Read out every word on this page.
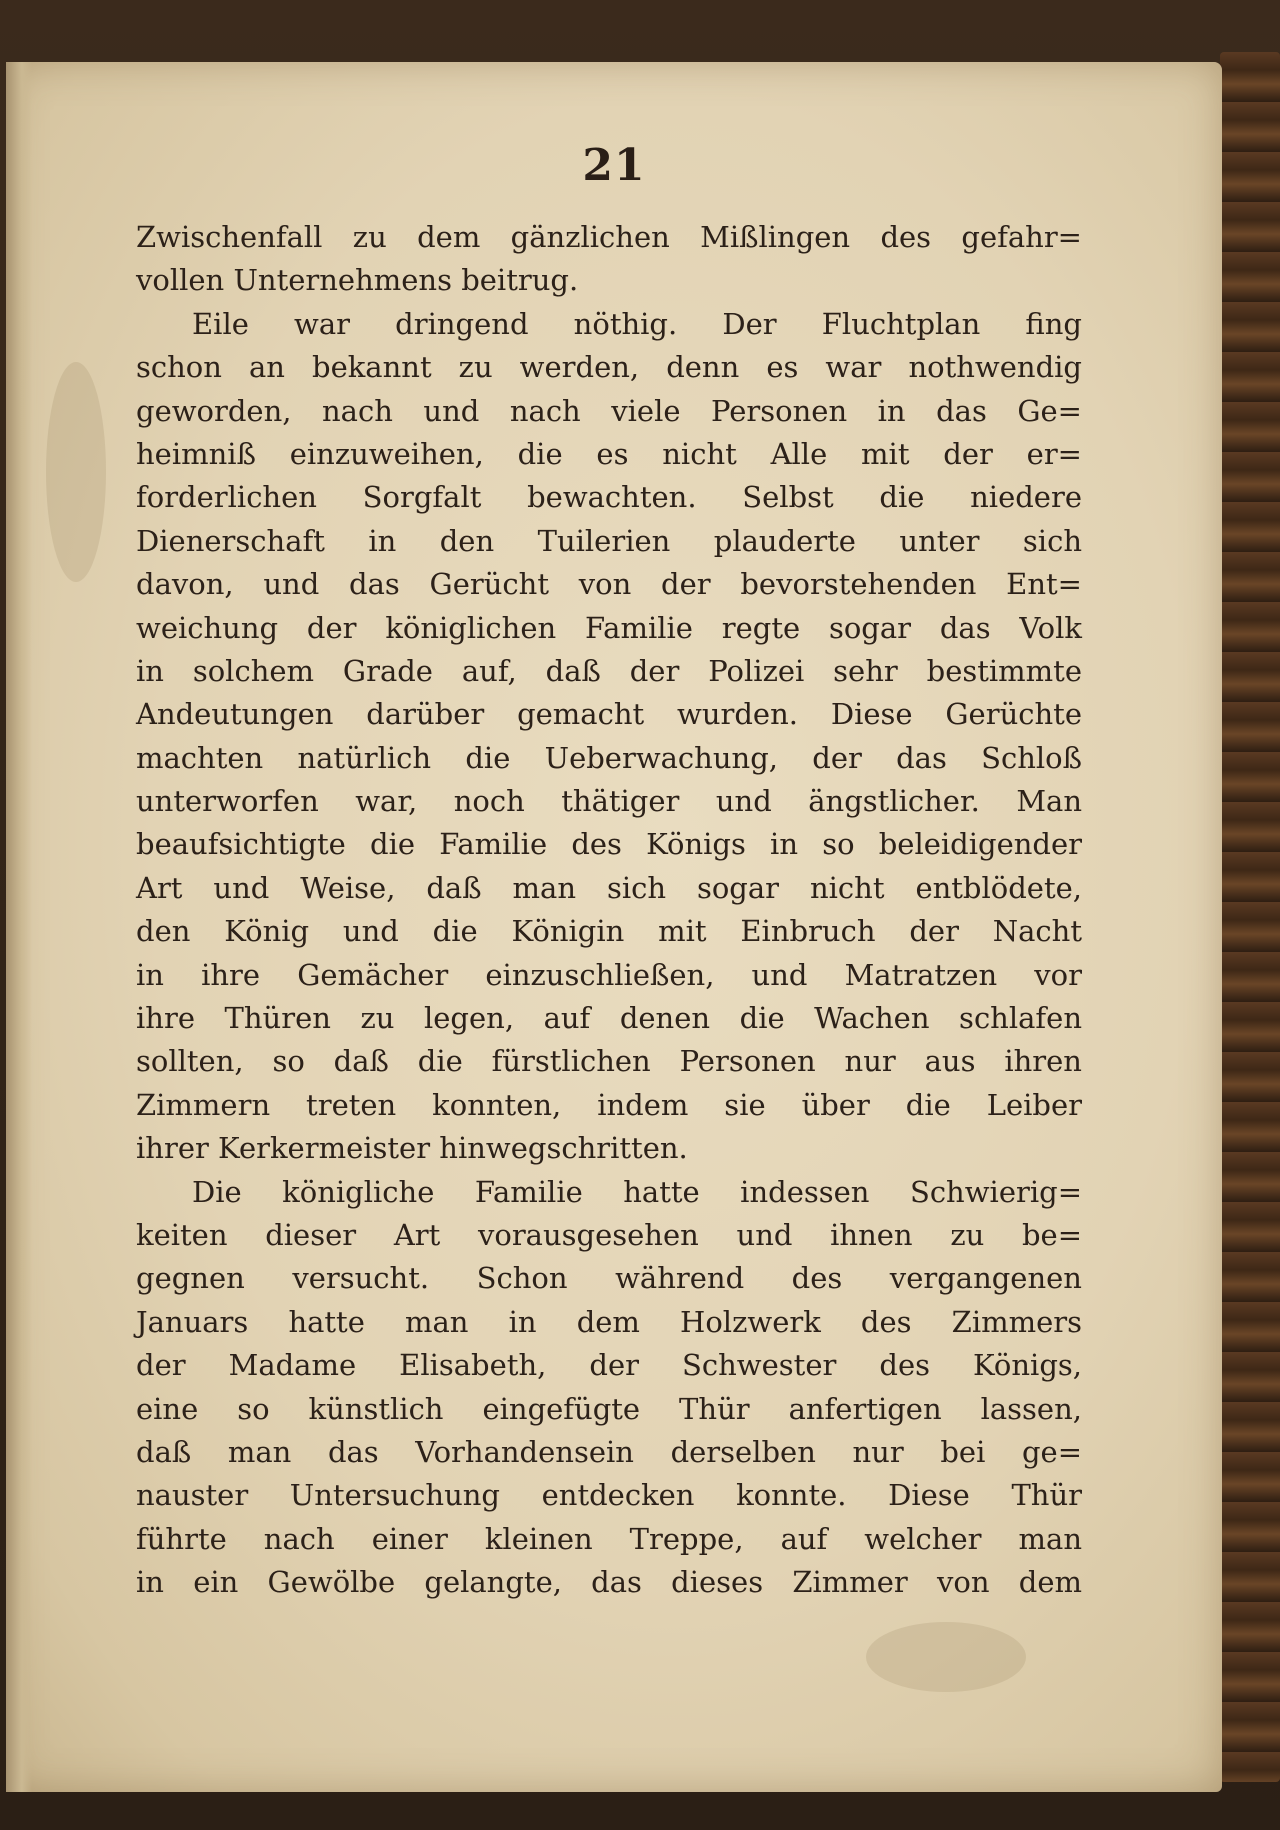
21
Zwischenfall zu dem gänzlichen Mißlingen des gefahr=
vollen Unternehmens beitrug.
Eile war dringend nöthig. Der Fluchtplan fing
schon an bekannt zu werden, denn es war nothwendig
geworden, nach und nach viele Personen in das Ge=
heimniß einzuweihen, die es nicht Alle mit der er=
forderlichen Sorgfalt bewachten. Selbst die niedere
Dienerschaft in den Tuilerien plauderte unter sich
davon, und das Gerücht von der bevorstehenden Ent=
weichung der königlichen Familie regte sogar das Volk
in solchem Grade auf, daß der Polizei sehr bestimmte
Andeutungen darüber gemacht wurden. Diese Gerüchte
machten natürlich die Ueberwachung, der das Schloß
unterworfen war, noch thätiger und ängstlicher. Man
beaufsichtigte die Familie des Königs in so beleidigender
Art und Weise, daß man sich sogar nicht entblödete,
den König und die Königin mit Einbruch der Nacht
in ihre Gemächer einzuschließen, und Matratzen vor
ihre Thüren zu legen, auf denen die Wachen schlafen
sollten, so daß die fürstlichen Personen nur aus ihren
Zimmern treten konnten, indem sie über die Leiber
ihrer Kerkermeister hinwegschritten.
Die königliche Familie hatte indessen Schwierig=
keiten dieser Art vorausgesehen und ihnen zu be=
gegnen versucht. Schon während des vergangenen
Januars hatte man in dem Holzwerk des Zimmers
der Madame Elisabeth, der Schwester des Königs,
eine so künstlich eingefügte Thür anfertigen lassen,
daß man das Vorhandensein derselben nur bei ge=
nauster Untersuchung entdecken konnte. Diese Thür
führte nach einer kleinen Treppe, auf welcher man
in ein Gewölbe gelangte, das dieses Zimmer von dem
